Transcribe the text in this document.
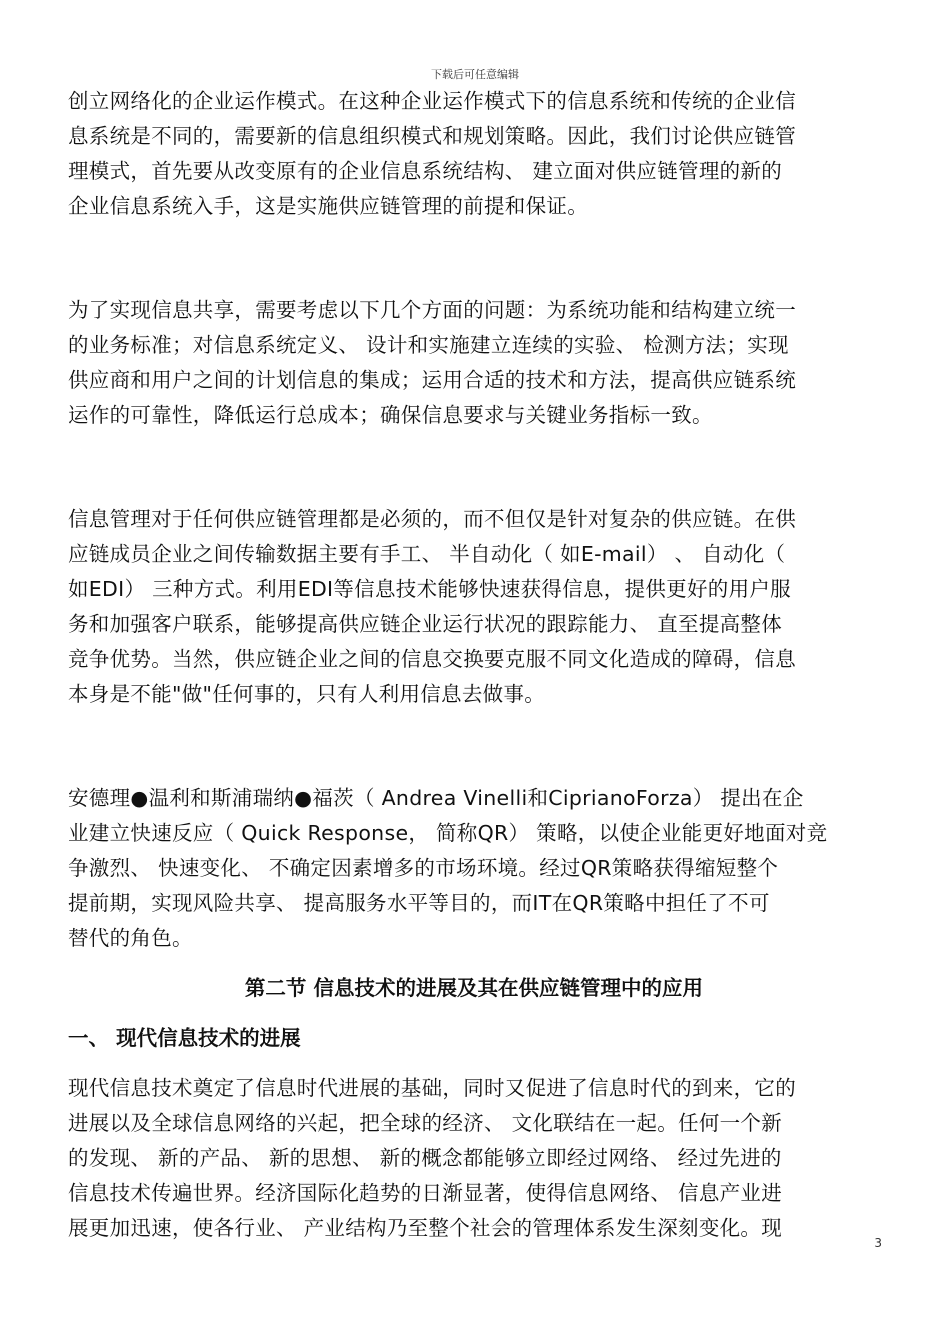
下载后可任意编辑

创立网络化的企业运作模式。在这种企业运作模式下的信息系统和传统的企业信
息系统是不同的，需要新的信息组织模式和规划策略。因此，我们讨论供应链管
理模式，首先要从改变原有的企业信息系统结构、 建立面对供应链管理的新的
企业信息系统入手，这是实施供应链管理的前提和保证。

为了实现信息共享，需要考虑以下几个方面的问题：为系统功能和结构建立统一
的业务标准；对信息系统定义、 设计和实施建立连续的实验、 检测方法；实现
供应商和用户之间的计划信息的集成；运用合适的技术和方法，提高供应链系统
运作的可靠性，降低运行总成本；确保信息要求与关键业务指标一致。

信息管理对于任何供应链管理都是必须的，而不但仅是针对复杂的供应链。在供
应链成员企业之间传输数据主要有手工、 半自动化（ 如E-mail） 、 自动化（
如EDI） 三种方式。利用EDI等信息技术能够快速获得信息，提供更好的用户服
务和加强客户联系，能够提高供应链企业运行状况的跟踪能力、 直至提高整体
竞争优势。当然，供应链企业之间的信息交换要克服不同文化造成的障碍，信息
本身是不能"做"任何事的，只有人利用信息去做事。

安德理●温利和斯浦瑞纳●福茨（ Andrea Vinelli和CiprianoForza） 提出在企
业建立快速反应（ Quick Response， 简称QR） 策略，以使企业能更好地面对竞
争激烈、 快速变化、 不确定因素增多的市场环境。经过QR策略获得缩短整个
提前期，实现风险共享、 提高服务水平等目的，而IT在QR策略中担任了不可
替代的角色。

第二节 信息技术的进展及其在供应链管理中的应用
一、 现代信息技术的进展

现代信息技术奠定了信息时代进展的基础，同时又促进了信息时代的到来，它的
进展以及全球信息网络的兴起，把全球的经济、 文化联结在一起。任何一个新
的发现、 新的产品、 新的思想、 新的概念都能够立即经过网络、 经过先进的
信息技术传遍世界。经济国际化趋势的日渐显著，使得信息网络、 信息产业进
展更加迅速，使各行业、 产业结构乃至整个社会的管理体系发生深刻变化。现

3
